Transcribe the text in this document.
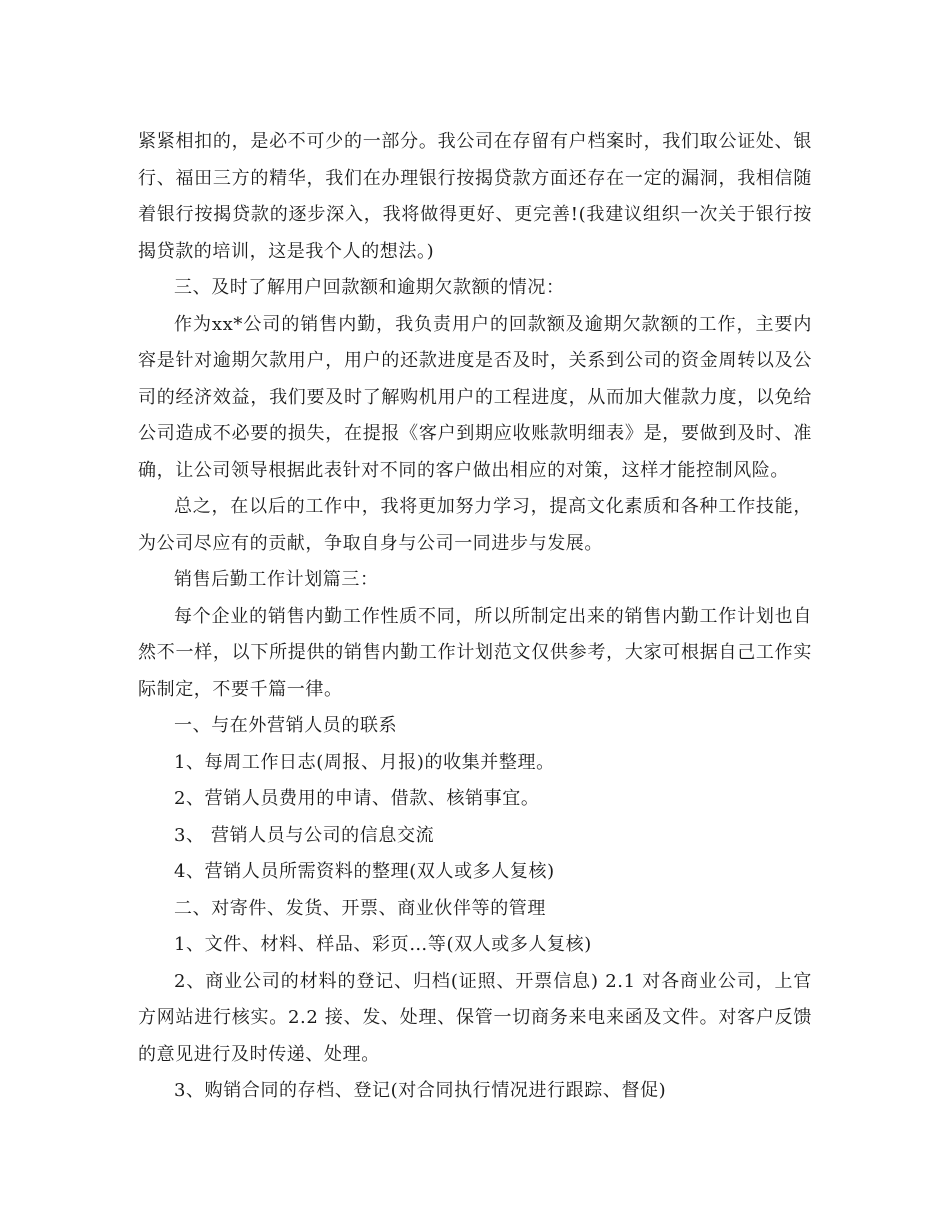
紧紧相扣的，是必不可少的一部分。我公司在存留有户档案时，我们取公证处、银行、福田三方的精华，我们在办理银行按揭贷款方面还存在一定的漏洞，我相信随着银行按揭贷款的逐步深入，我将做得更好、更完善!(我建议组织一次关于银行按揭贷款的培训，这是我个人的想法。)

三、及时了解用户回款额和逾期欠款额的情况：

作为xx*公司的销售内勤，我负责用户的回款额及逾期欠款额的工作，主要内容是针对逾期欠款用户，用户的还款进度是否及时，关系到公司的资金周转以及公司的经济效益，我们要及时了解购机用户的工程进度，从而加大催款力度，以免给公司造成不必要的损失，在提报《客户到期应收账款明细表》是，要做到及时、准确，让公司领导根据此表针对不同的客户做出相应的对策，这样才能控制风险。

总之，在以后的工作中，我将更加努力学习，提高文化素质和各种工作技能，为公司尽应有的贡献，争取自身与公司一同进步与发展。

销售后勤工作计划篇三：

每个企业的销售内勤工作性质不同，所以所制定出来的销售内勤工作计划也自然不一样，以下所提供的销售内勤工作计划范文仅供参考，大家可根据自己工作实际制定，不要千篇一律。

一、与在外营销人员的联系

1、每周工作日志(周报、月报)的收集并整理。

2、营销人员费用的申请、借款、核销事宜。

3、 营销人员与公司的信息交流

4、营销人员所需资料的整理(双人或多人复核)

二、对寄件、发货、开票、商业伙伴等的管理

1、文件、材料、样品、彩页…等(双人或多人复核)

2、商业公司的材料的登记、归档(证照、开票信息) 2.1 对各商业公司，上官方网站进行核实。2.2 接、发、处理、保管一切商务来电来函及文件。对客户反馈的意见进行及时传递、处理。

3、购销合同的存档、登记(对合同执行情况进行跟踪、督促)
